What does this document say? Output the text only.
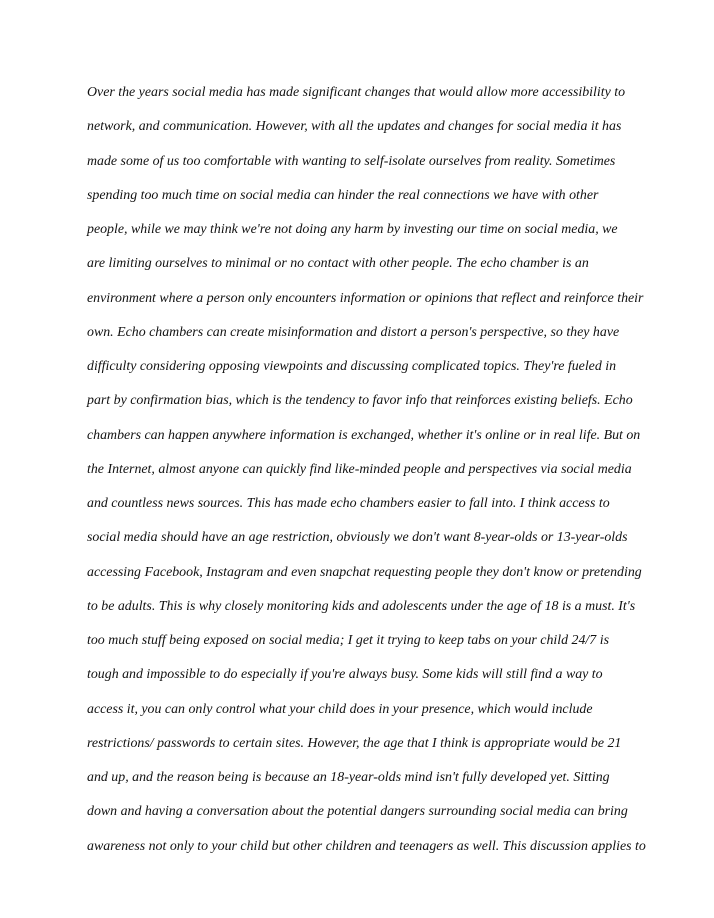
Over the years social media has made significant changes that would allow more accessibility to
network, and communication. However, with all the updates and changes for social media it has
made some of us too comfortable with wanting to self-isolate ourselves from reality. Sometimes
spending too much time on social media can hinder the real connections we have with other
people, while we may think we're not doing any harm by investing our time on social media, we
are limiting ourselves to minimal or no contact with other people. The echo chamber is an
environment where a person only encounters information or opinions that reflect and reinforce their
own. Echo chambers can create misinformation and distort a person's perspective, so they have
difficulty considering opposing viewpoints and discussing complicated topics. They're fueled in
part by confirmation bias, which is the tendency to favor info that reinforces existing beliefs. Echo
chambers can happen anywhere information is exchanged, whether it's online or in real life. But on
the Internet, almost anyone can quickly find like-minded people and perspectives via social media
and countless news sources. This has made echo chambers easier to fall into. I think access to
social media should have an age restriction, obviously we don't want 8-year-olds or 13-year-olds
accessing Facebook, Instagram and even snapchat requesting people they don't know or pretending
to be adults. This is why closely monitoring kids and adolescents under the age of 18 is a must. It's
too much stuff being exposed on social media; I get it trying to keep tabs on your child 24/7 is
tough and impossible to do especially if you're always busy. Some kids will still find a way to
access it, you can only control what your child does in your presence, which would include
restrictions/ passwords to certain sites. However, the age that I think is appropriate would be 21
and up, and the reason being is because an 18-year-olds mind isn't fully developed yet. Sitting
down and having a conversation about the potential dangers surrounding social media can bring
awareness not only to your child but other children and teenagers as well. This discussion applies to
